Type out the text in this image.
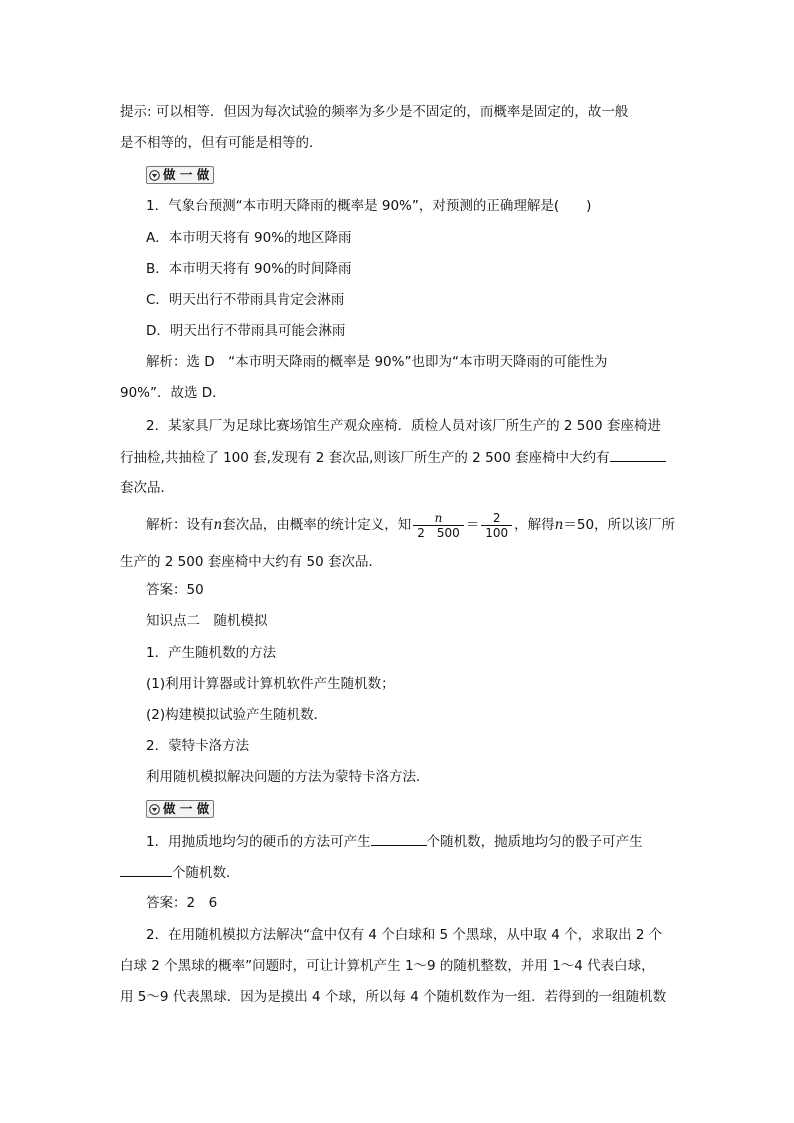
提示: 可以相等．但因为每次试验的频率为多少是不固定的，而概率是固定的，故一般
是不相等的，但有可能是相等的．
做 一 做
1．气象台预测“本市明天降雨的概率是 90%”，对预测的正确理解是(　　)
A．本市明天将有 90%的地区降雨
B．本市明天将有 90%的时间降雨
C．明天出行不带雨具肯定会淋雨
D．明天出行不带雨具可能会淋雨
解析：选 D　“本市明天降雨的概率是 90%”也即为“本市明天降雨的可能性为
90%”．故选 D．
2．某家具厂为足球比赛场馆生产观众座椅．质检人员对该厂所生产的 2 500 套座椅进
行抽检,共抽检了 100 套,发现有 2 套次品,则该厂所生产的 2 500 套座椅中大约有
套次品．
解析：设有n套次品，由概率的统计定义，知 $\frac{n}{2 500} = \frac{2}{100}$ ，解得n＝50，所以该厂所
生产的 2 500 套座椅中大约有 50 套次品．
答案：50
知识点二　随机模拟
1．产生随机数的方法
(1)利用计算器或计算机软件产生随机数；
(2)构建模拟试验产生随机数．
2．蒙特卡洛方法
利用随机模拟解决问题的方法为蒙特卡洛方法．
做 一 做
1．用抛质地均匀的硬币的方法可产生	个随机数，抛质地均匀的骰子可产生
个随机数．
答案：2　6
2．在用随机模拟方法解决“盒中仅有 4 个白球和 5 个黑球，从中取 4 个，求取出 2 个
白球 2 个黑球的概率”问题时，可让计算机产生 1～9 的随机整数，并用 1～4 代表白球，
用 5～9 代表黑球．因为是摸出 4 个球，所以每 4 个随机数作为一组．若得到的一组随机数
